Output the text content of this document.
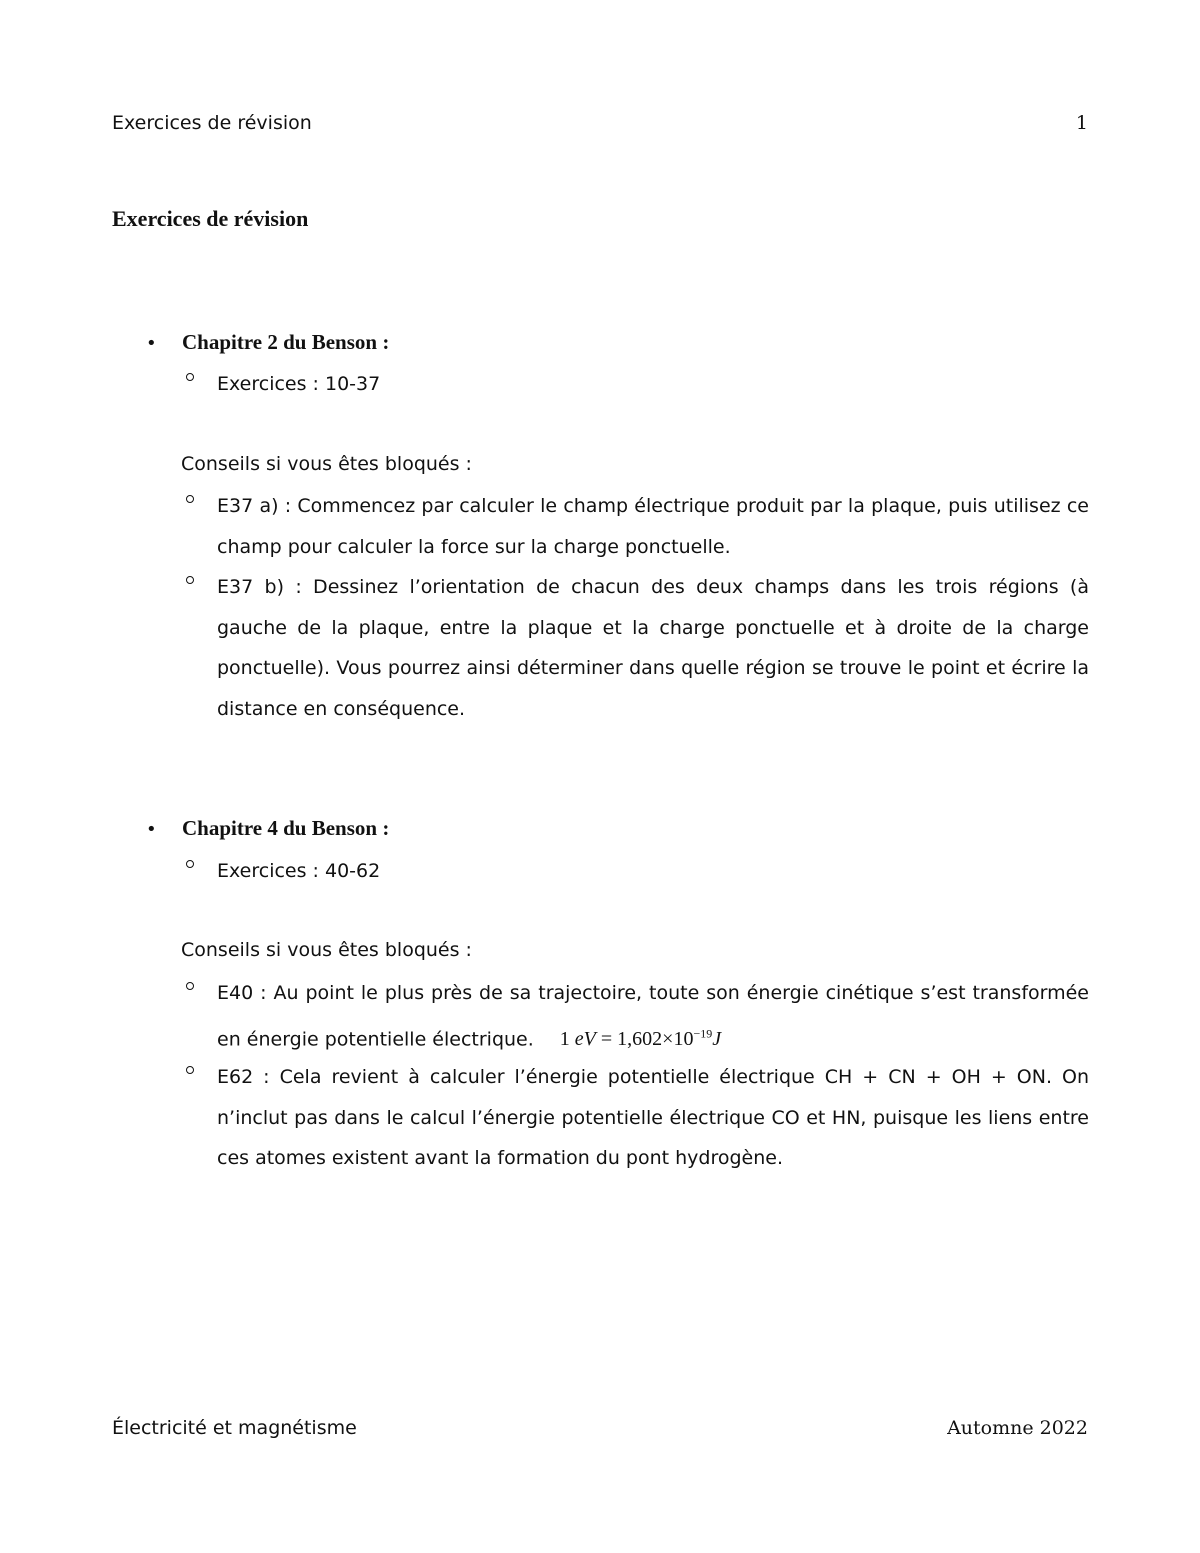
Exercices de révision	1
Exercices de révision
• Chapitre 2 du Benson :
Exercices : 10-37
Conseils si vous êtes bloqués :
E37 a) : Commencez par calculer le champ électrique produit par la plaque, puis utilisez ce champ pour calculer la force sur la charge ponctuelle.
E37 b) : Dessinez l’orientation de chacun des deux champs dans les trois régions (à gauche de la plaque, entre la plaque et la charge ponctuelle et à droite de la charge ponctuelle). Vous pourrez ainsi déterminer dans quelle région se trouve le point et écrire la distance en conséquence.
• Chapitre 4 du Benson :
Exercices : 40-62
Conseils si vous êtes bloqués :
E40 : Au point le plus près de sa trajectoire, toute son énergie cinétique s’est transformée en énergie potentielle électrique. 1 eV = $1,602\times 10^{-19}J$
E62 : Cela revient à calculer l’énergie potentielle électrique CH + CN + OH + ON. On n’inclut pas dans le calcul l’énergie potentielle électrique CO et HN, puisque les liens entre ces atomes existent avant la formation du pont hydrogène.
Électricité et magnétisme	Automne 2022
